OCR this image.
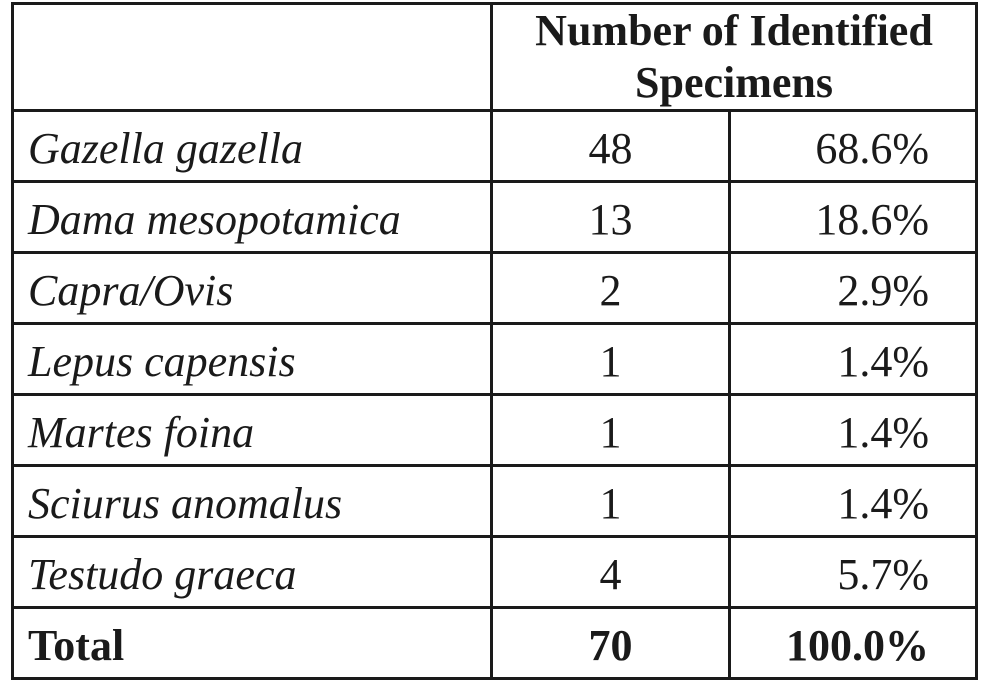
	Number of Identified Specimens	

Gazella gazella	48	68.6%
Dama mesopotamica	13	18.6%
Capra/Ovis	2	2.9%
Lepus capensis	1	1.4%
Martes foina	1	1.4%
Sciurus anomalus	1	1.4%
Testudo graeca	4	5.7%
Total	70	100.0%
